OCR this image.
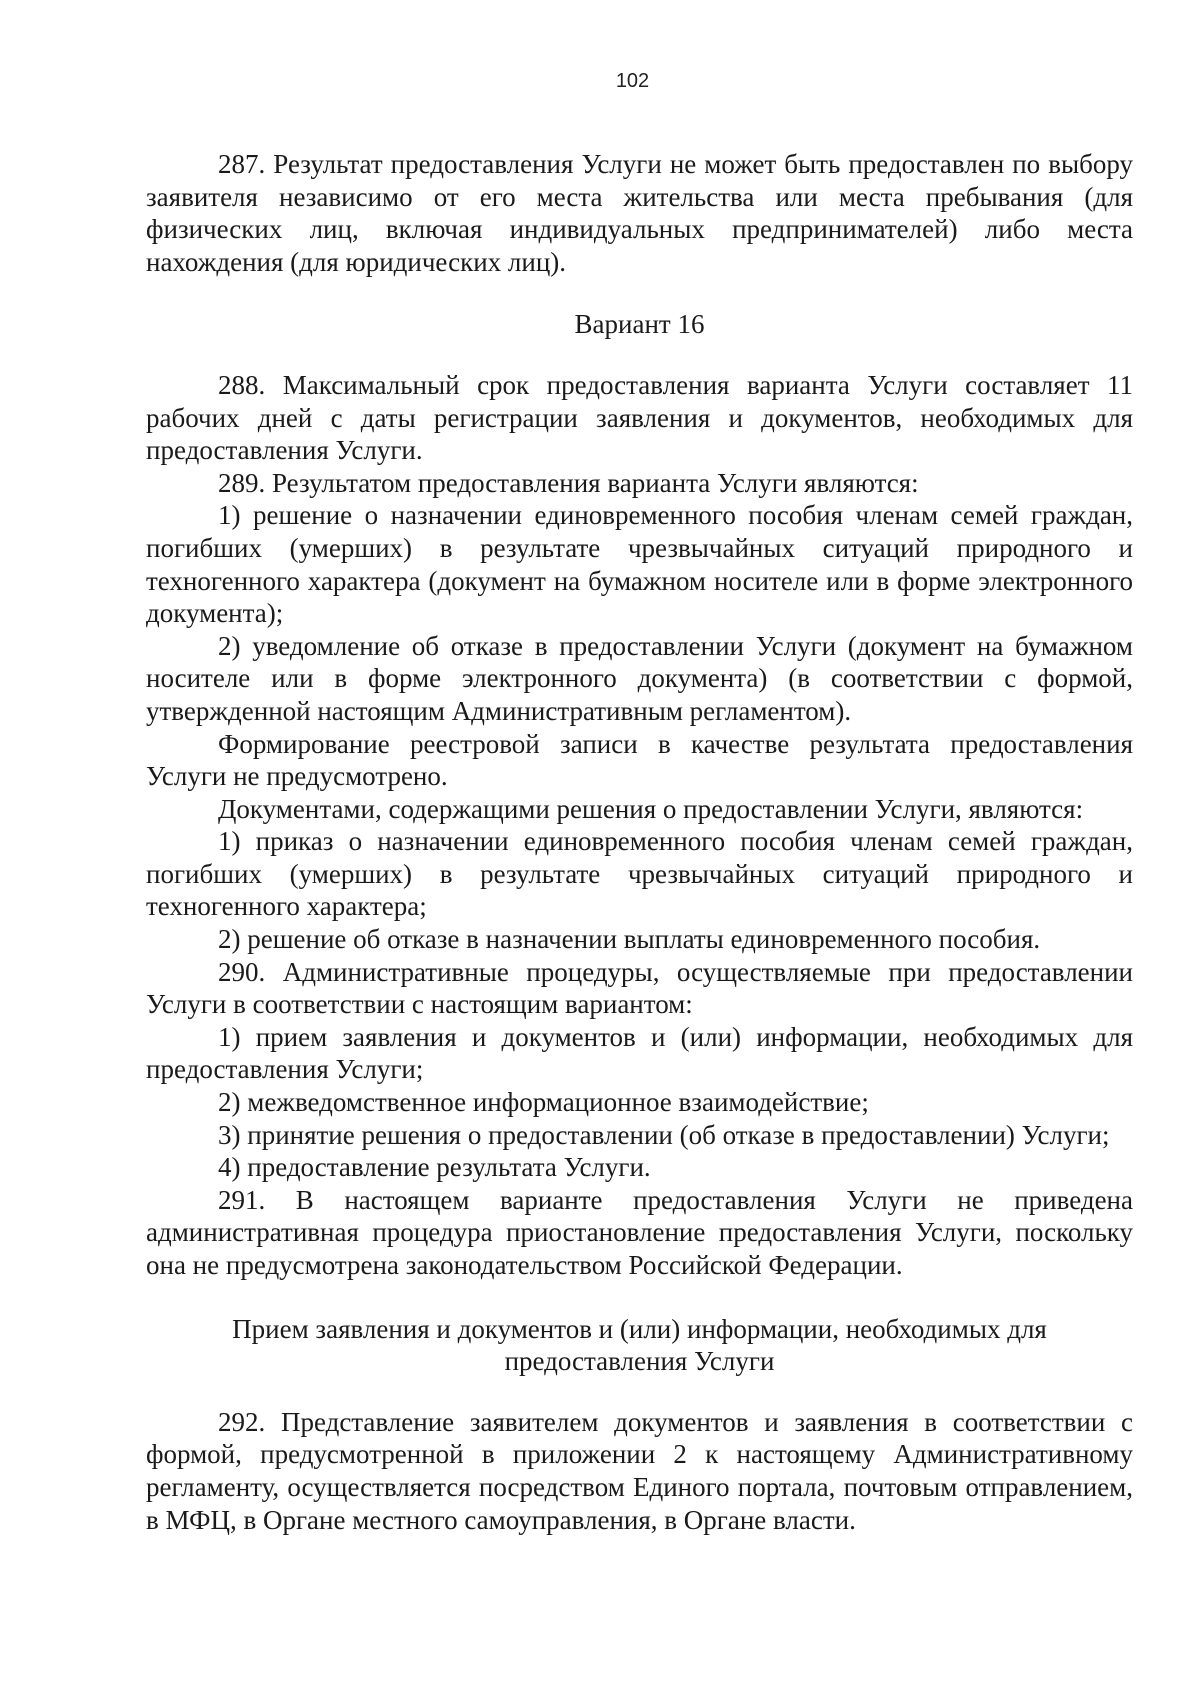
102

287. Результат предоставления Услуги не может быть предоставлен по выбору заявителя независимо от его места жительства или места пребывания (для физических лиц, включая индивидуальных предпринимателей) либо места нахождения (для юридических лиц).

Вариант 16

288. Максимальный срок предоставления варианта Услуги составляет 11 рабочих дней с даты регистрации заявления и документов, необходимых для предоставления Услуги.

289. Результатом предоставления варианта Услуги являются:

1) решение о назначении единовременного пособия членам семей граждан, погибших (умерших) в результате чрезвычайных ситуаций природного и техногенного характера (документ на бумажном носителе или в форме электронного документа);

2) уведомление об отказе в предоставлении Услуги (документ на бумажном носителе или в форме электронного документа) (в соответствии с формой, утвержденной настоящим Административным регламентом).

Формирование реестровой записи в качестве результата предоставления Услуги не предусмотрено.

Документами, содержащими решения о предоставлении Услуги, являются:

1) приказ о назначении единовременного пособия членам семей граждан, погибших (умерших) в результате чрезвычайных ситуаций природного и техногенного характера;

2) решение об отказе в назначении выплаты единовременного пособия.

290. Административные процедуры, осуществляемые при предоставлении Услуги в соответствии с настоящим вариантом:

1) прием заявления и документов и (или) информации, необходимых для предоставления Услуги;

2) межведомственное информационное взаимодействие;

3) принятие решения о предоставлении (об отказе в предоставлении) Услуги;

4) предоставление результата Услуги.

291. В настоящем варианте предоставления Услуги не приведена административная процедура приостановление предоставления Услуги, поскольку она не предусмотрена законодательством Российской Федерации.

Прием заявления и документов и (или) информации, необходимых для предоставления Услуги

292. Представление заявителем документов и заявления в соответствии с формой, предусмотренной в приложении 2 к настоящему Административному регламенту, осуществляется посредством Единого портала, почтовым отправлением, в МФЦ, в Органе местного самоуправления, в Органе власти.
